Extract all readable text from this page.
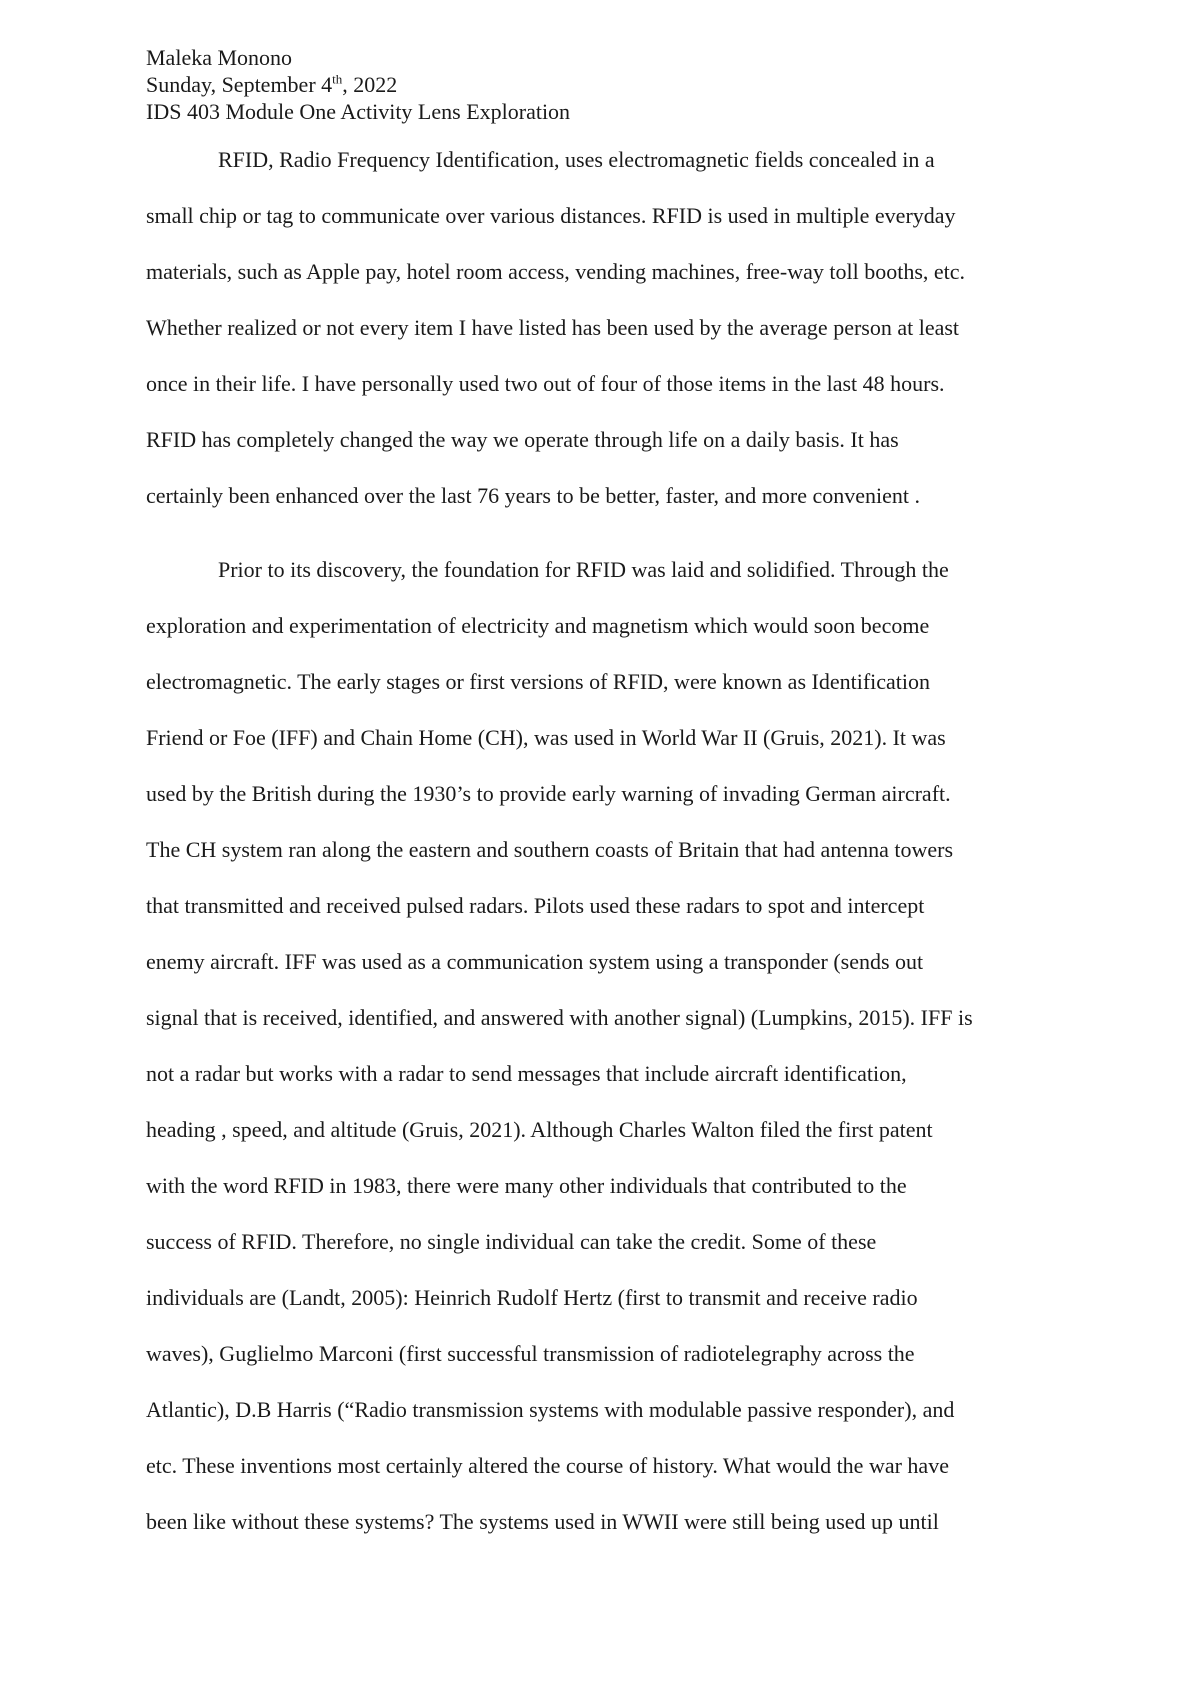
Maleka Monono
Sunday, September 4th, 2022
IDS 403 Module One Activity Lens Exploration
RFID, Radio Frequency Identification, uses electromagnetic fields concealed in a
small chip or tag to communicate over various distances. RFID is used in multiple everyday
materials, such as Apple pay, hotel room access, vending machines, free-way toll booths, etc.
Whether realized or not every item I have listed has been used by the average person at least
once in their life. I have personally used two out of four of those items in the last 48 hours.
RFID has completely changed the way we operate through life on a daily basis. It has
certainly been enhanced over the last 76 years to be better, faster, and more convenient .
Prior to its discovery, the foundation for RFID was laid and solidified. Through the
exploration and experimentation of electricity and magnetism which would soon become
electromagnetic. The early stages or first versions of RFID, were known as Identification
Friend or Foe (IFF) and Chain Home (CH), was used in World War II (Gruis, 2021). It was
used by the British during the 1930’s to provide early warning of invading German aircraft.
The CH system ran along the eastern and southern coasts of Britain that had antenna towers
that transmitted and received pulsed radars. Pilots used these radars to spot and intercept
enemy aircraft. IFF was used as a communication system using a transponder (sends out
signal that is received, identified, and answered with another signal) (Lumpkins, 2015). IFF is
not a radar but works with a radar to send messages that include aircraft identification,
heading , speed, and altitude (Gruis, 2021). Although Charles Walton filed the first patent
with the word RFID in 1983, there were many other individuals that contributed to the
success of RFID. Therefore, no single individual can take the credit. Some of these
individuals are (Landt, 2005): Heinrich Rudolf Hertz (first to transmit and receive radio
waves), Guglielmo Marconi (first successful transmission of radiotelegraphy across the
Atlantic), D.B Harris (“Radio transmission systems with modulable passive responder), and
etc. These inventions most certainly altered the course of history. What would the war have
been like without these systems? The systems used in WWII were still being used up until
